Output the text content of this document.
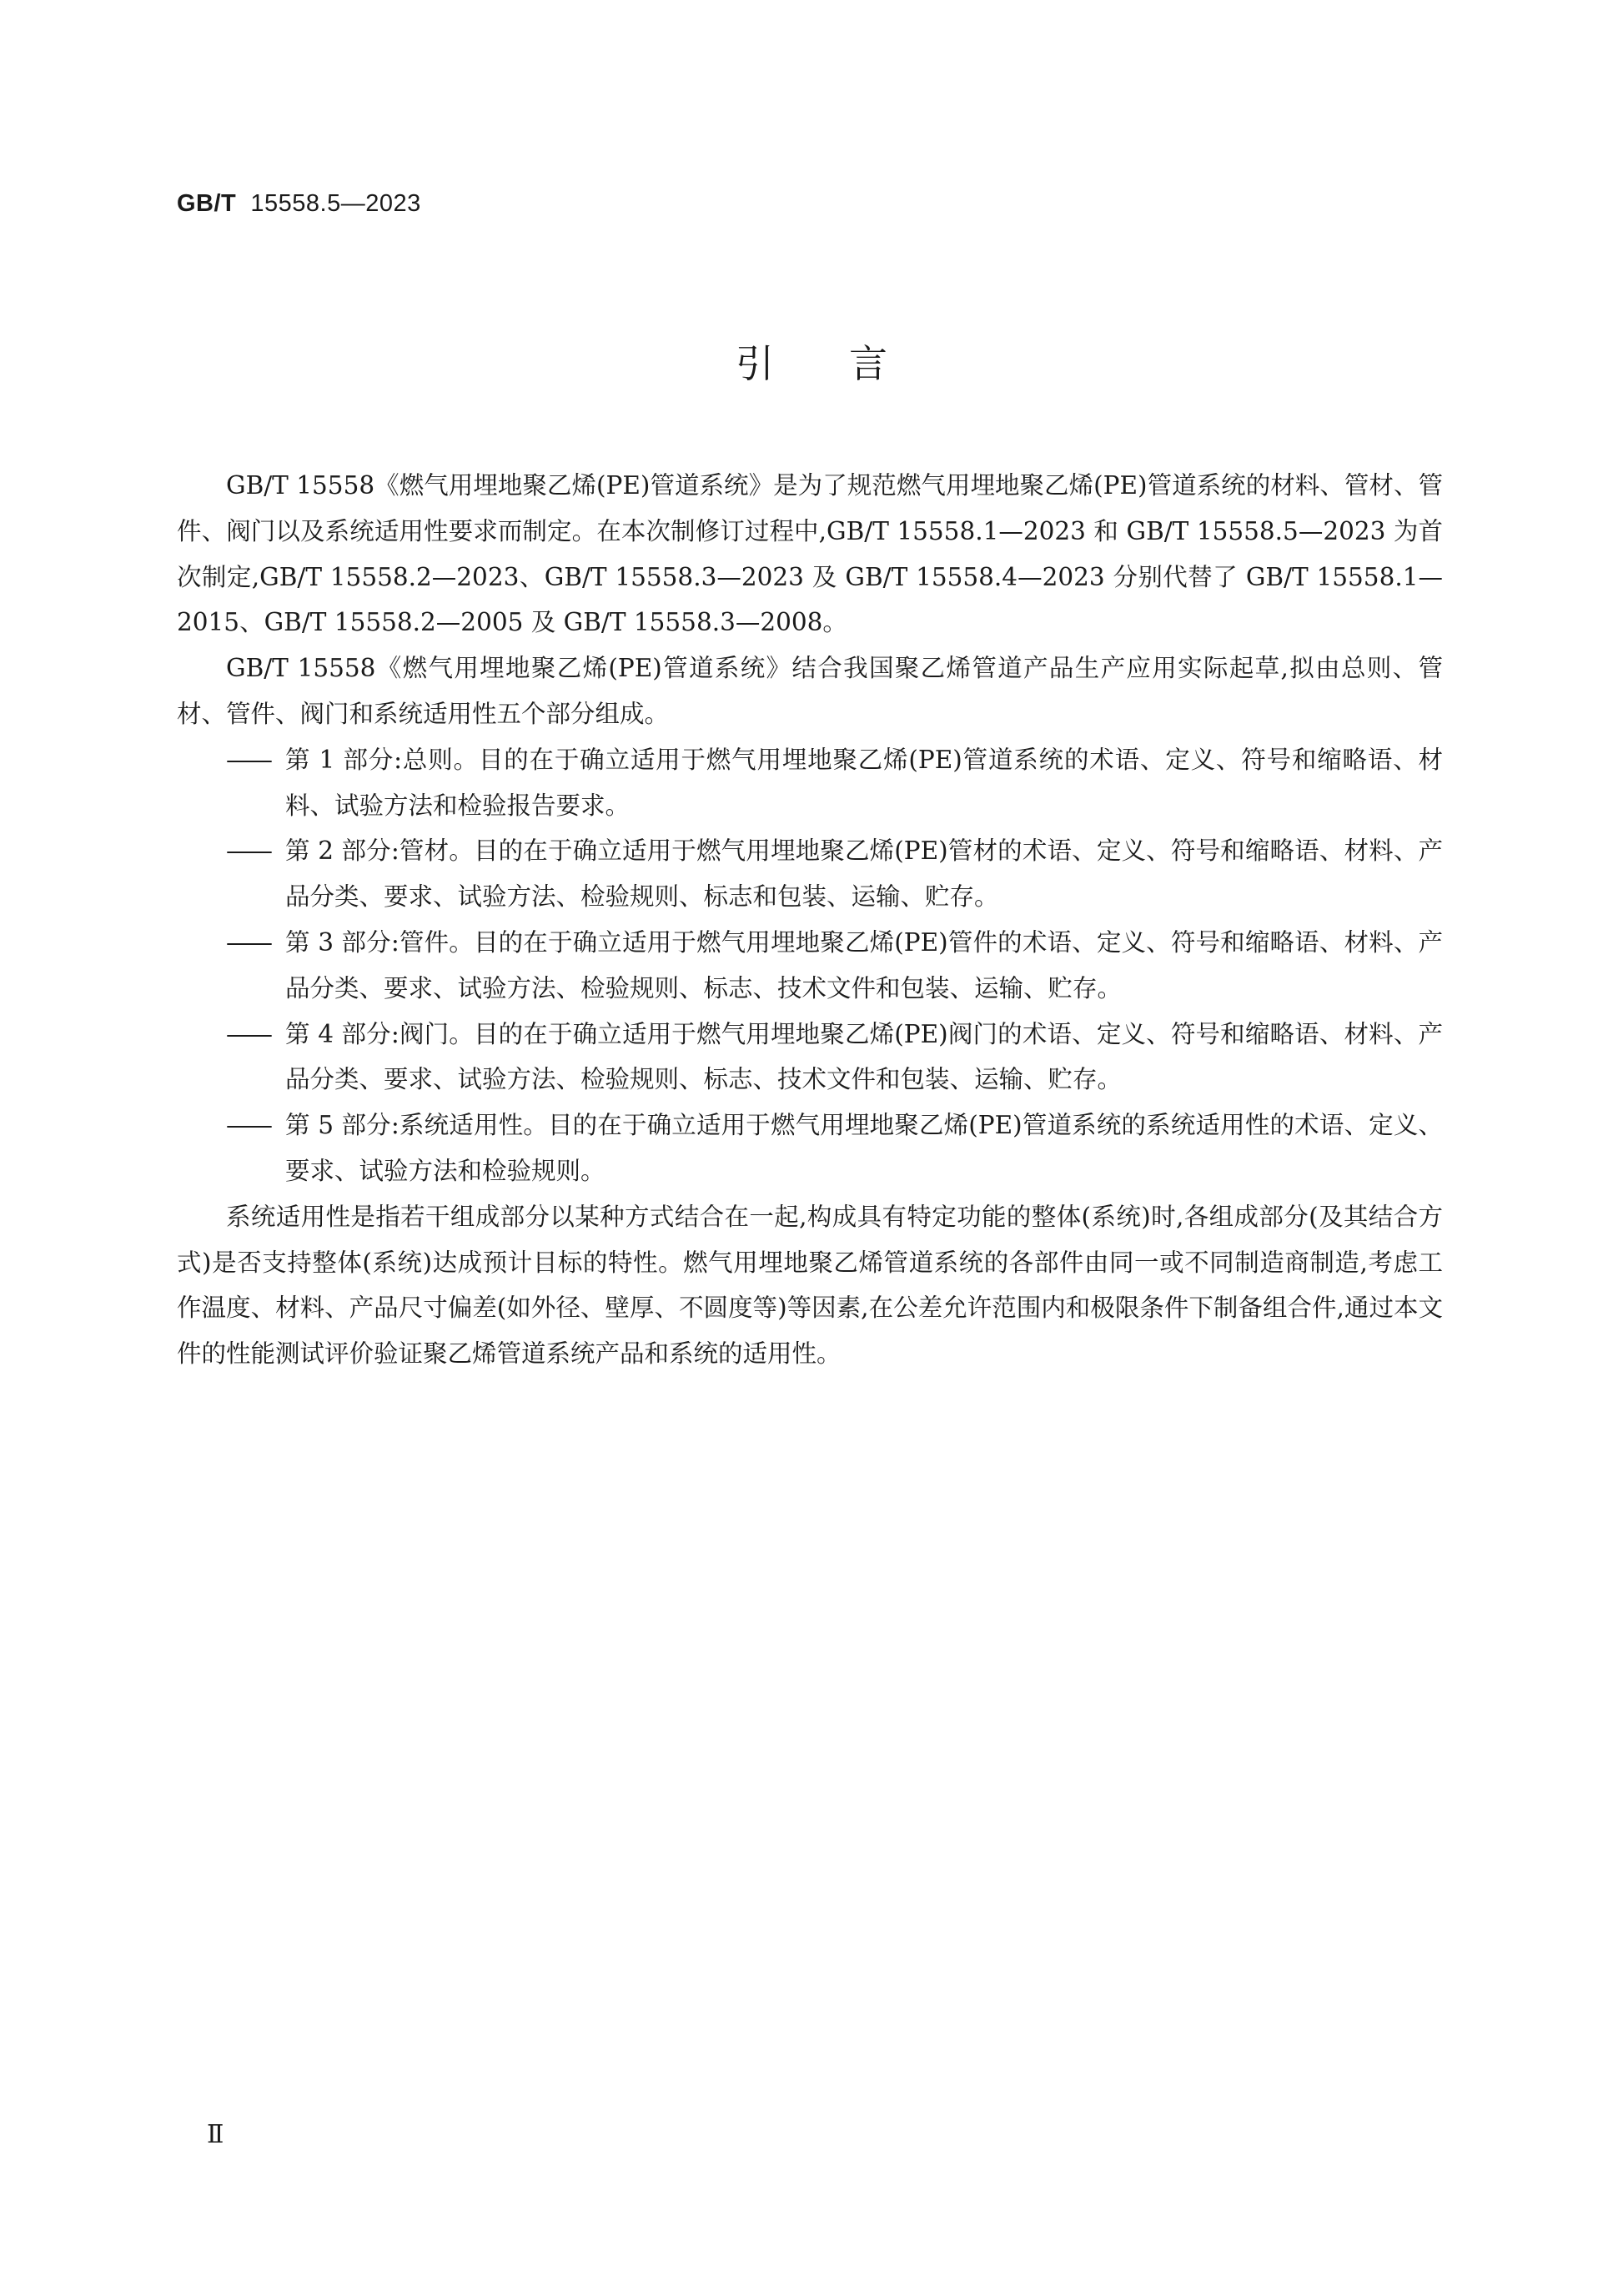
GB/T 15558.5—2023
引言

GB/T 15558《燃气用埋地聚乙烯(PE)管道系统》是为了规范燃气用埋地聚乙烯(PE)管道系统的材料、管材、管件、阀门以及系统适用性要求而制定。在本次制修订过程中,GB/T 15558.1—2023 和 GB/T 15558.5—2023 为首次制定,GB/T 15558.2—2023、GB/T 15558.3—2023 及 GB/T 15558.4—2023 分别代替了 GB/T 15558.1—2015、GB/T 15558.2—2005 及 GB/T 15558.3—2008。

GB/T 15558《燃气用埋地聚乙烯(PE)管道系统》结合我国聚乙烯管道产品生产应用实际起草,拟由总则、管材、管件、阀门和系统适用性五个部分组成。

—— 第 1 部分:总则。目的在于确立适用于燃气用埋地聚乙烯(PE)管道系统的术语、定义、符号和缩略语、材料、试验方法和检验报告要求。

—— 第 2 部分:管材。目的在于确立适用于燃气用埋地聚乙烯(PE)管材的术语、定义、符号和缩略语、材料、产品分类、要求、试验方法、检验规则、标志和包装、运输、贮存。

—— 第 3 部分:管件。目的在于确立适用于燃气用埋地聚乙烯(PE)管件的术语、定义、符号和缩略语、材料、产品分类、要求、试验方法、检验规则、标志、技术文件和包装、运输、贮存。

—— 第 4 部分:阀门。目的在于确立适用于燃气用埋地聚乙烯(PE)阀门的术语、定义、符号和缩略语、材料、产品分类、要求、试验方法、检验规则、标志、技术文件和包装、运输、贮存。

—— 第 5 部分:系统适用性。目的在于确立适用于燃气用埋地聚乙烯(PE)管道系统的系统适用性的术语、定义、要求、试验方法和检验规则。

系统适用性是指若干组成部分以某种方式结合在一起,构成具有特定功能的整体(系统)时,各组成部分(及其结合方式)是否支持整体(系统)达成预计目标的特性。燃气用埋地聚乙烯管道系统的各部件由同一或不同制造商制造,考虑工作温度、材料、产品尺寸偏差(如外径、壁厚、不圆度等)等因素,在公差允许范围内和极限条件下制备组合件,通过本文件的性能测试评价验证聚乙烯管道系统产品和系统的适用性。

Ⅱ
